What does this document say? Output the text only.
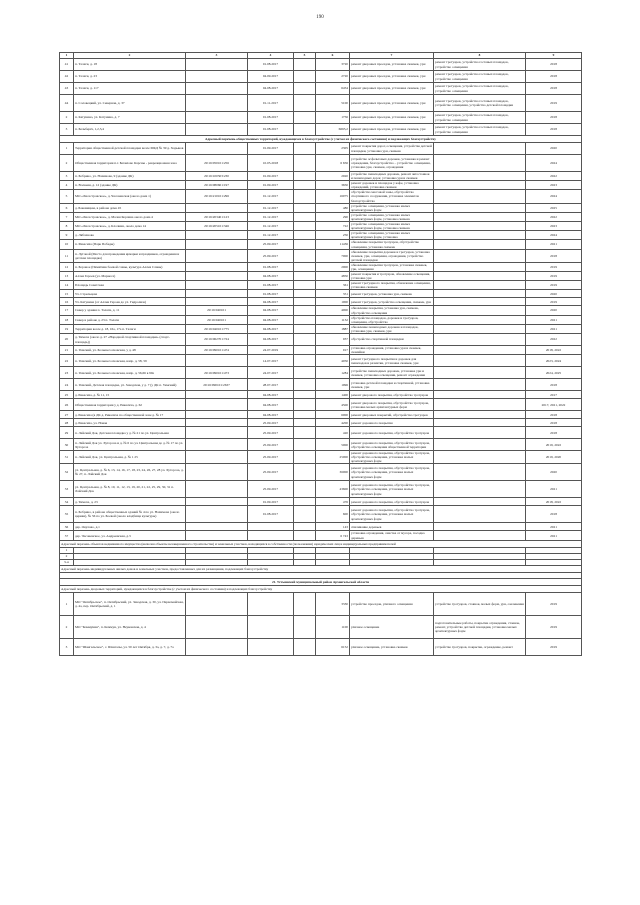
190
1	2	3	4	5	6	7	8	9
41	п. Талаги, д. 18		01.08.2017		3720	ремонт дворовых проездов, установка скамеек, урн	ремонт тротуаров, устройство гостевых площадок, устройство освещения	2018
42	п. Талаги, д. 23		04.09.2017		2720	ремонт дворовых проездов, установка скамеек, урн	ремонт тротуаров, устройство гостевых площадок, устройство освещения	2018
43	п. Талаги, д. 117		04.08.2017		6454	ремонт дворовых проездов, установка скамеек, урн	ремонт тротуаров, устройство гостевых площадок, устройство освещения	2018
44	п. Соловецкий, ул. Северная, д. 37		01.11.2017		5100	ремонт дворовых проездов, установка скамеек, урн	ремонт тротуаров, устройство гостевых площадок, устройство освещения, устройство детской площадки	2019
2	п. Катунино, ул. Катунина, д. 7		01.08.2017		1756	ремонт дворовых проездов, установка скамеек, урн	ремонт тротуаров, устройство гостевых площадок, устройство освещения	2018
3	п. Бельберёз, 1,2,3,4		01.08.2017		6663,2	ремонт дворовых проездов, установка скамеек, урн	ремонт тротуаров, устройство гостевых площадок, устройство освещения	2018
Адресный перечень общественных территорий, нуждающихся в благоустройстве (с учетом их физического состояния) и подлежащих благоустройству								
1	Территория общественной детской площадки возле МКД № 39 д. Хорыков		01.09.2017		2305	ремонт покрытия дорог, освещения, устройства детской площадки, установка урн, скамеек		2020
2	Общественная территория п.г. Бахилово Карсны - рекреационная зона	29:16:050101:256	10.05.2018		6 656	устройство асфальтовых дорожек, установка и ремонт ограждения, благоустройство – устройство освещения, установка урн, скамеек, ограждения		2024
3	п. Бобрино, ул. Нахимова, 9 (здание ДК)	29:16:100503:230	01.09.2017		2920	устройство пешеходных дорожек, ремонт автостоянок и пешеходных дорог, установка урн и скамеек		2022
4	п. Вольчин, д. 12 (здание ДК)	29:16:080601:197	01.09.2017		3650	ремонт дорожек и площадок у кафе, установка ограждений, установка скамеек		2023
5	МО «Лисестровское», д. Часовенская (около дома 1)	29:16:210101:296	01.12.2017		16075	обустройство массовой зоны, обустройство спортивного сооружения, установка элементов благоустройства		2024
6	д. Баковицкая, в районе дома 45		01.12.2017		480	устройство освещения, установка малых архитектурных форм		2025
7	МО «Лисестровское», д. Малая Корзина около дома 4	29:16:203401:123	01.12.2017		290	устройство освещения, установка малых архитектурных форм, установка скамеек		2022
8	МО «Лисестровское», д. Клочнин, около дома 14	29:16:205101:346	01.12.2017		722	устройство освещения, установка малых архитектурных форм, установка скамеек		2023
9	д. Лябахнова		01.12.2017		250	устройство освещения, установка малых архитектурных форм, установка		2024
10	п. Рикасиха (Парк Победы)		25.09.2017		11436	обновление покрытия тротуаров, обустройство освещения, установка скамеек		2021
11	п. Луговой (Место для проведения ярмарки и праздников, ограждения и детская площадка)		25.09.2017		7000	обновление покрытия дорожек и тротуаров, установка скамеек, урн, освещения, ограждения, устройство детской площадки		2018
12	п. Боровое (Памятник боевой славы, культура Аллея Славы)		01.08.2017		2900	обновление покрытия тротуаров, установка скамеек, урн, освещения		2019
13	Аллея Героев (ул. Марнеса)		04.08.2017		4850	ремонт покрытия и тротуаров, обновление освещения, установка урн		2019
14	Площадь Советская		01.08.2017		361	ремонт тротуарного покрытия, обновление освещения, установка скамеек		2019
15	Ул. Стрельцова		01.08.2017		351	ремонт тротуаров, установка урн, скамеек		2020
16	Ул. Катунина (от Аллеи Героев до ул. Гидролиза)		04.08.2017		1000	ремонт тротуаров, устройство освещения, скамеек, урн		2019
17	Сквер у здания п. Талаги, д. 11	29:16:040101	04.08.2017		4000	обновление покрытия, установка урн, скамеек, обустройство освещения		2020
18	Сквер в районе д. 23 п. Талаги	29:16:040101	04.08.2017		1132	обустройство площадок, дорожек и тротуаров, освещения, обустройство		2021
19	Территория возле д. 18, 16а, 17а п. Талаги	29:16:040101:775	04.08.2017		1887	обновление пешеходных дорожек и площадок, установка урн, скамеек, урн		2021
20	д. Тимоха (около д. 27 «Народной спортивной площадки» (спорт-площадь))	29:16:062701:724	04.08.2017		937	обустройство спортивной площадки		2022
21	п. Уемский, ул. Большесосновская, у д. 48	29:16:090101:474	24.07.2019		917	установка ограждения, установка урн и скамеек, скамейки		2018, 2022
22	п. Уемский, ул. Большесосновская, напр. д. 58, 59		14.07.2017		4050	ремонт тротуарного покрытия и дорожек для пешеходов и разметки, установка скамеек, урн		2023, 2024
23	п. Уемский, ул. Большесосновская, напр. д. 56,66 в 90а	29:16:090101:473	24.07.2017		1284	устройство пешеходных дорожек, установка урн и скамеек, установка освещения, ремонт ограждения		2024, 2025
24	п. Уемский, Детская площадка, ул. Заводская, у д. 7 (у ДК п. Уемский)	29:16:090101:2637	28.07.2017		1996	установка детской площадки и спортивной, установка скамеек, урн		2018
25	д. Рикасиха, д. № 11, 15		04.08.2017		1400	ремонт дворового покрытия, обустройство тротуаров		2017
26	Общественная территория у д. Рикасиха, д. 62		04.08.2017		4500	ремонт дворового покрытия, обустройство тротуаров, установка малых архитектурных форм		2017, 2021, 2022
27	д. Рикасиха (в ДК д. Рикасиха по общественной зоне д. № 17		04.08.2017		6000	ремонт дворовых покрытий, обустройство тротуаров		2018
28	д. Рикасиха, ул. Новая		25.09.2017		4200	ремонт дорожного покрытия		2018
29	п. Лайский Док, Детская площадка у д. № 21 по ул. Центральная		25.09.2017		420	ремонт дорожного покрытия, обустройство тротуаров		2018
30	п. Лайский Док ул. Хутороза и д. № 6 по ул. Центральная до д. № 17 по ул. Хутороза		25.09.2017		5000	ремонт дорожного покрытия, обустройство тротуаров, обустройство освещения общественной территории		2019, 2022
31	п. Лайский Док, ул. Центральная, д. № 1 25		25.09.2017		25000	ремонт дорожного покрытия, обустройство тротуаров, обустройство освещения, установка малых архитектурных форм		2019, 2020
32	ул. Центральная, д. № 6, 13, 14, 16, 17, 18, 23, 24, 26, 27, 28 ул. Хутороза, д. № 27, п. Лайский Док		25.09.2017		36000	ремонт дорожного покрытия, обустройство тротуаров, обустройство освещения, установка малых архитектурных форм		2020
33	ул. Центральная, д. № 8, 10, 11, 12, 13, 19, 20, 21, 22, 25, 29, 30, 31 п. Лайский Док		25.09.2017		43600	ремонт дорожного покрытия, обустройство тротуаров, обустройство освещения, установка малых архитектурных форм		2021
34	д. Тимоха, д. 23		01.09.2017		476	ремонт дорожного покрытия, обустройство тротуаров		2018, 2022
35	п. Бобрино, в районе общественных зданий № 4 по ул. Нахимова (около церкви), № 56 по ул. Боевой (около кладбища культуры)		01.08.2017		600	ремонт дорожного покрытия, обустройство тротуаров, обустройство освещения, установка малых архитектурных форм		2018
36	дер. Окулово, д.1				143	спиливание деревьев		2021
37	дер. Часовенское, ул. Андреевская, д.3				6 743	установка ограждения, очистка от мусора, посадка деревьев		2021
Адресный перечень объектов недвижимого имущества (включая объекты незавершенного строительства) и земельных участков, находящихся в собственности (пользовании) юридических лиц и индивидуальных предпринимателей								
1								
2								
3..n								
Адресный перечень индивидуальных жилых домов и земельных участков, предоставленных для их размещения, подлежащих благоустройству								

21. Устьянский муниципальный район Архангельской области								
Адресный перечень дворовых территорий, нуждающихся в благоустройстве (с учетом их физического состояния) и подлежащих благоустройству								
1	МО "Октябрьское", п. Октябрьский, ул. Заводская, д. 30, ул. Первомайская, д. 4а, пер. Октябрьский, д. 1				3330	устройство проездов, уличного освещения	устройство тротуаров, стоянок, малых форм, урн, озеленения	2019
2	МО "Коммунин", п. Коммун, ул. Неуковская, д. 4				1100	уличное освещение	подготовительные работы, покрытие ограждения, стоянок, ремонт, устройство детской площадки, установка малых архитектурных форм	2019
3	МО "Шангальское", с. Шангалы, ул. 50 лет Октября, д. 3а, д. 7, д. 7а				6152	уличное освещение, установка скамеек	устройство тротуаров, покрытие, ограждение, ремонт	2019
